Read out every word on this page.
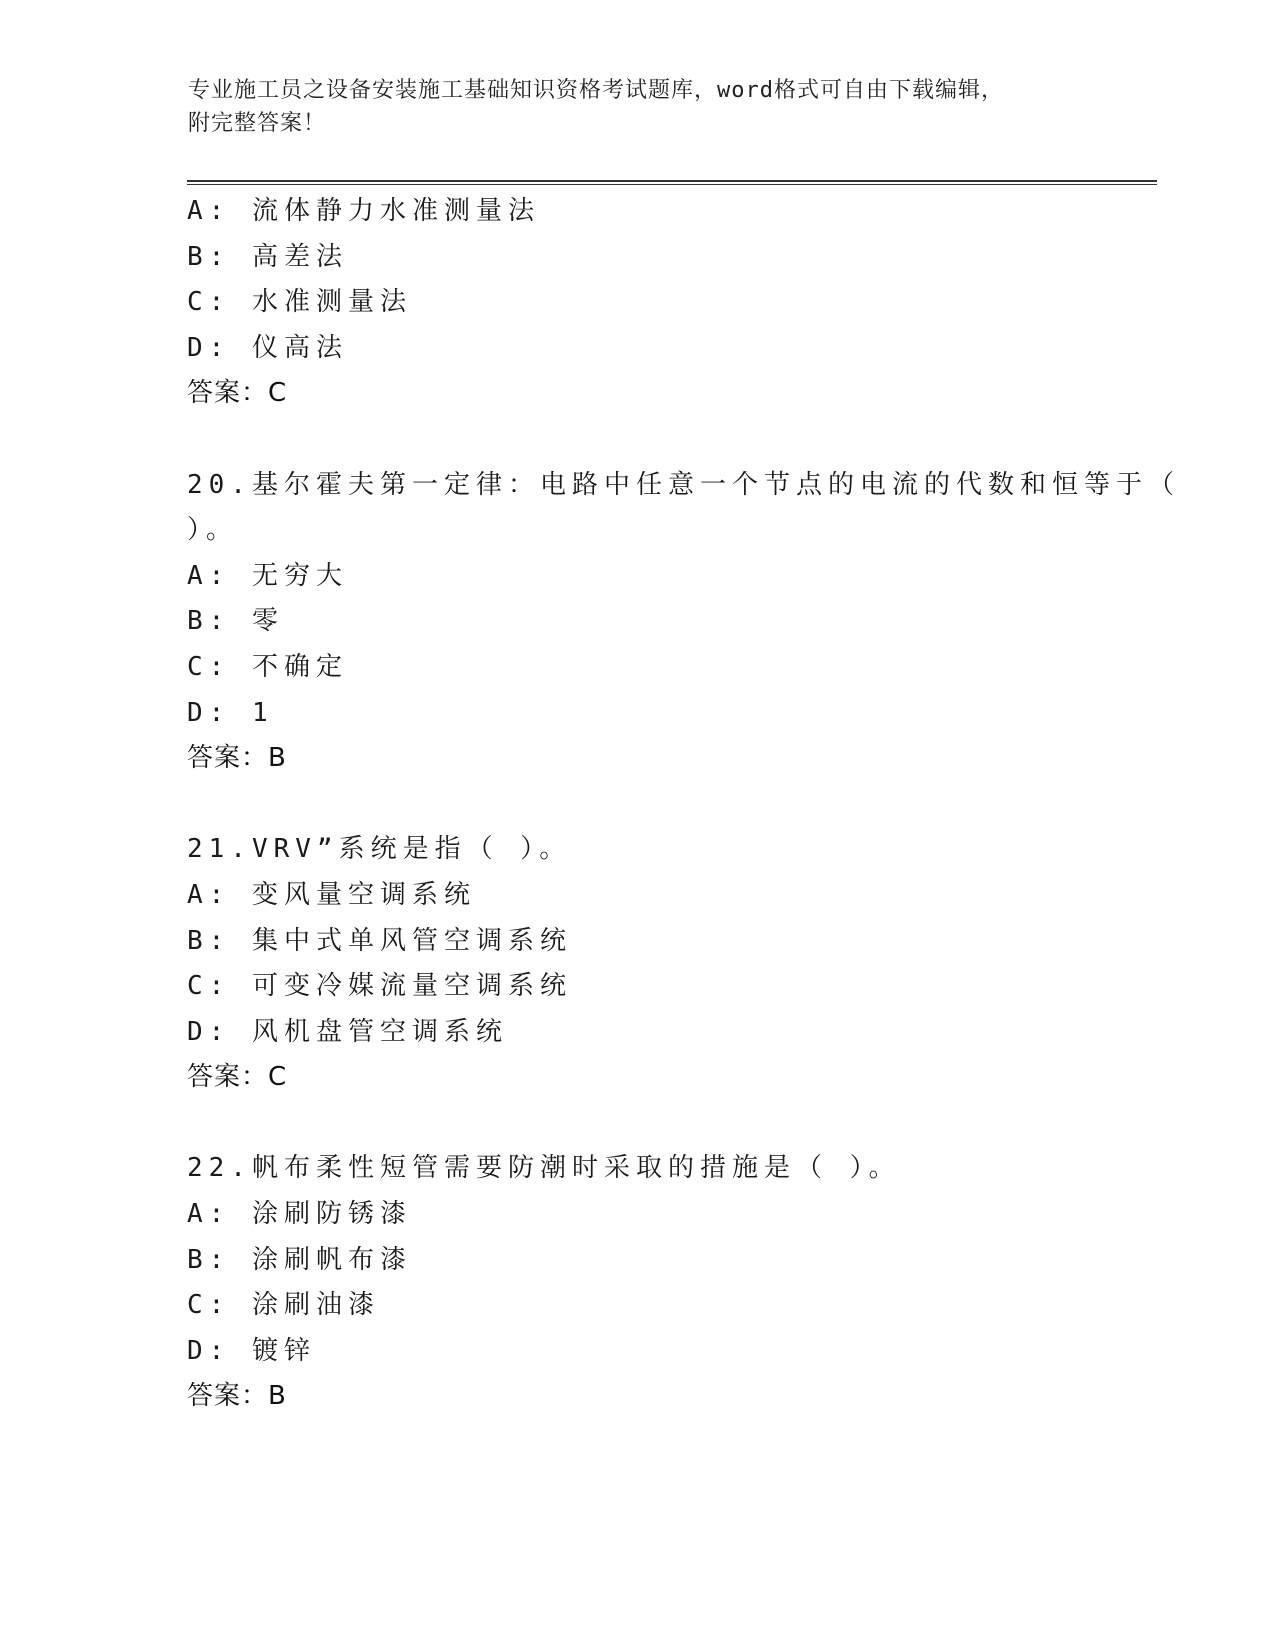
专业施工员之设备安装施工基础知识资格考试题库，word格式可自由下载编辑，
附完整答案！
A: 流体静力水准测量法
B: 高差法
C: 水准测量法
D: 仪高法
答案：C
20.基尔霍夫第一定律：电路中任意一个节点的电流的代数和恒等于（
）。
A: 无穷大
B: 零
C: 不确定
D: 1
答案：B
21.VRV”系统是指（ ）。
A: 变风量空调系统
B: 集中式单风管空调系统
C: 可变冷媒流量空调系统
D: 风机盘管空调系统
答案：C
22.帆布柔性短管需要防潮时采取的措施是（ ）。
A: 涂刷防锈漆
B: 涂刷帆布漆
C: 涂刷油漆
D: 镀锌
答案：B
